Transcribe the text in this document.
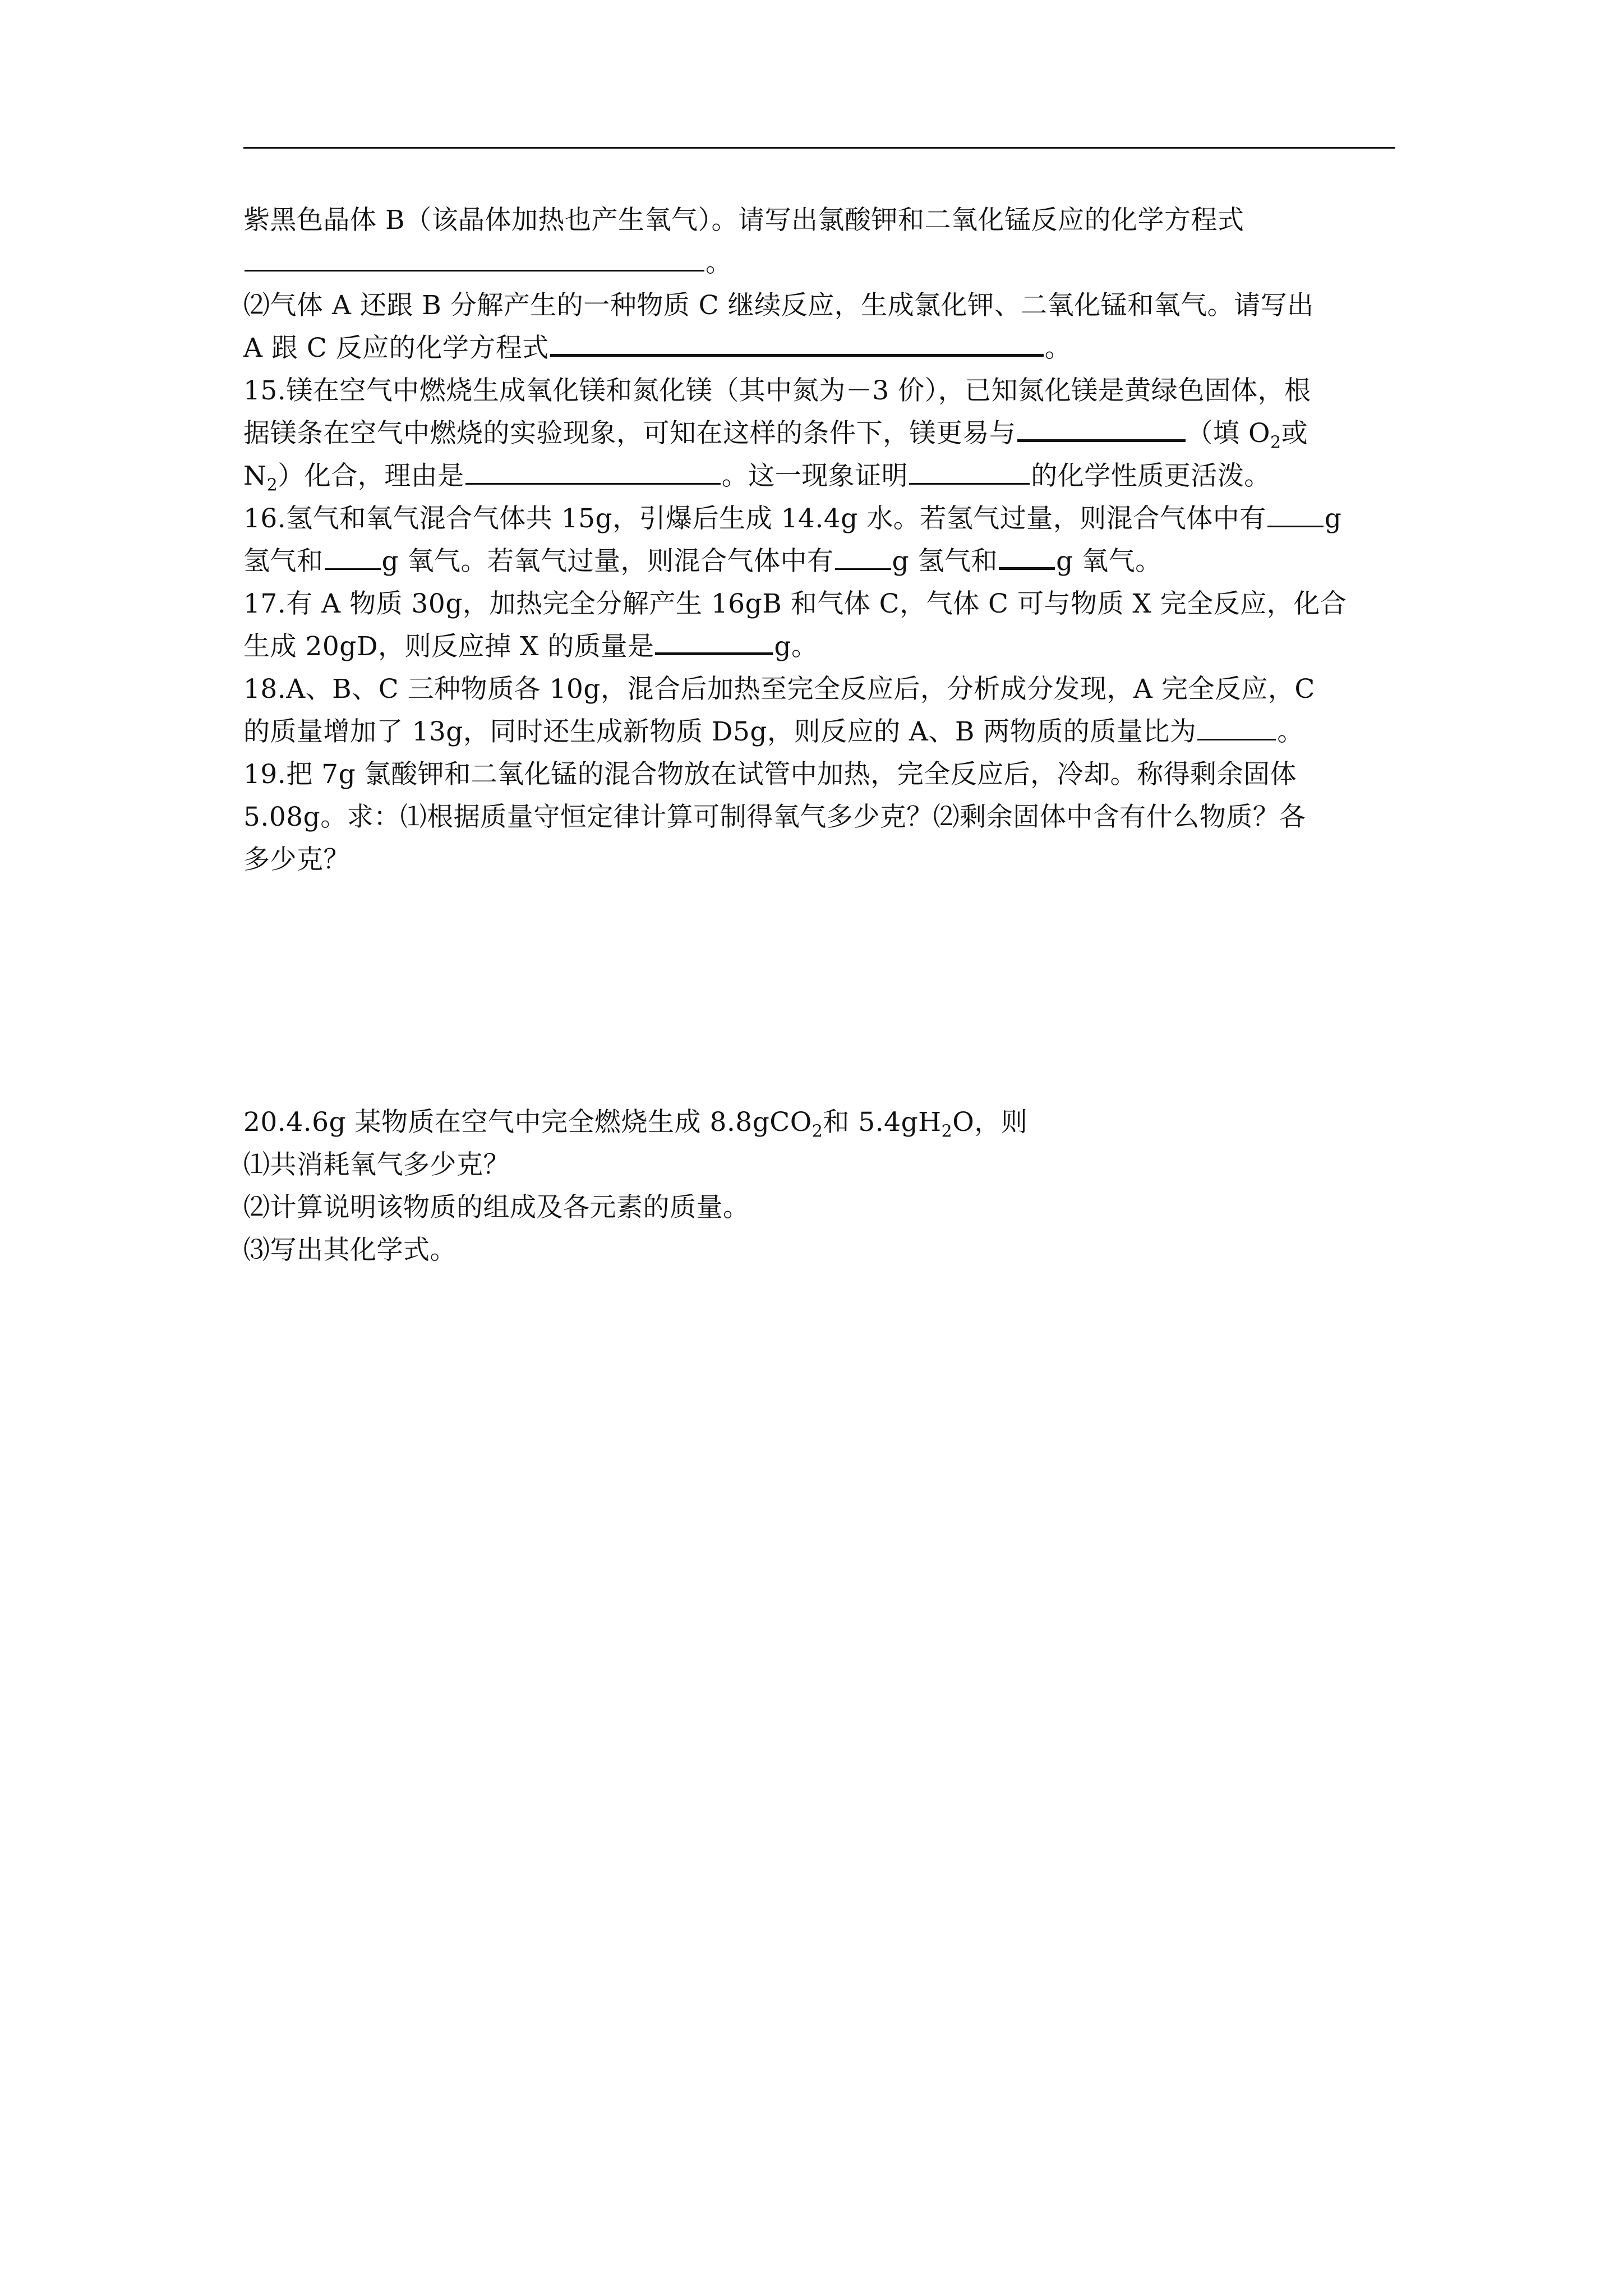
紫黑色晶体 B（该晶体加热也产生氧气）。请写出氯酸钾和二氧化锰反应的化学方程式
。
⑵气体 A 还跟 B 分解产生的一种物质 C 继续反应，生成氯化钾、二氧化锰和氧气。请写出
A 跟 C 反应的化学方程式	。
15.镁在空气中燃烧生成氧化镁和氮化镁（其中氮为－3 价），已知氮化镁是黄绿色固体，根
据镁条在空气中燃烧的实验现象，可知在这样的条件下，镁更易与	（填 $O_2$或
$N_2$）化合，理由是	。这一现象证明	的化学性质更活泼。
16.氢气和氧气混合气体共 15g，引爆后生成 14.4g 水。若氢气过量，则混合气体中有 g
氢气和 g 氧气。若氧气过量，则混合气体中有 g 氢气和 g 氧气。
17.有 A 物质 30g，加热完全分解产生 16gB 和气体 C，气体 C 可与物质 X 完全反应，化合
生成 20gD，则反应掉 X 的质量是	g。
18.A、B、C 三种物质各 10g，混合后加热至完全反应后，分析成分发现，A 完全反应，C
的质量增加了 13g，同时还生成新物质 D5g，则反应的 A、B 两物质的质量比为	。
19.把 7g 氯酸钾和二氧化锰的混合物放在试管中加热，完全反应后，冷却。称得剩余固体
5.08g。求：⑴根据质量守恒定律计算可制得氧气多少克？⑵剩余固体中含有什么物质？各
多少克？
20.4.6g 某物质在空气中完全燃烧生成 8.8gCO$_2$和 $5.4gH_2O$，则
⑴共消耗氧气多少克？
⑵计算说明该物质的组成及各元素的质量。
⑶写出其化学式。
